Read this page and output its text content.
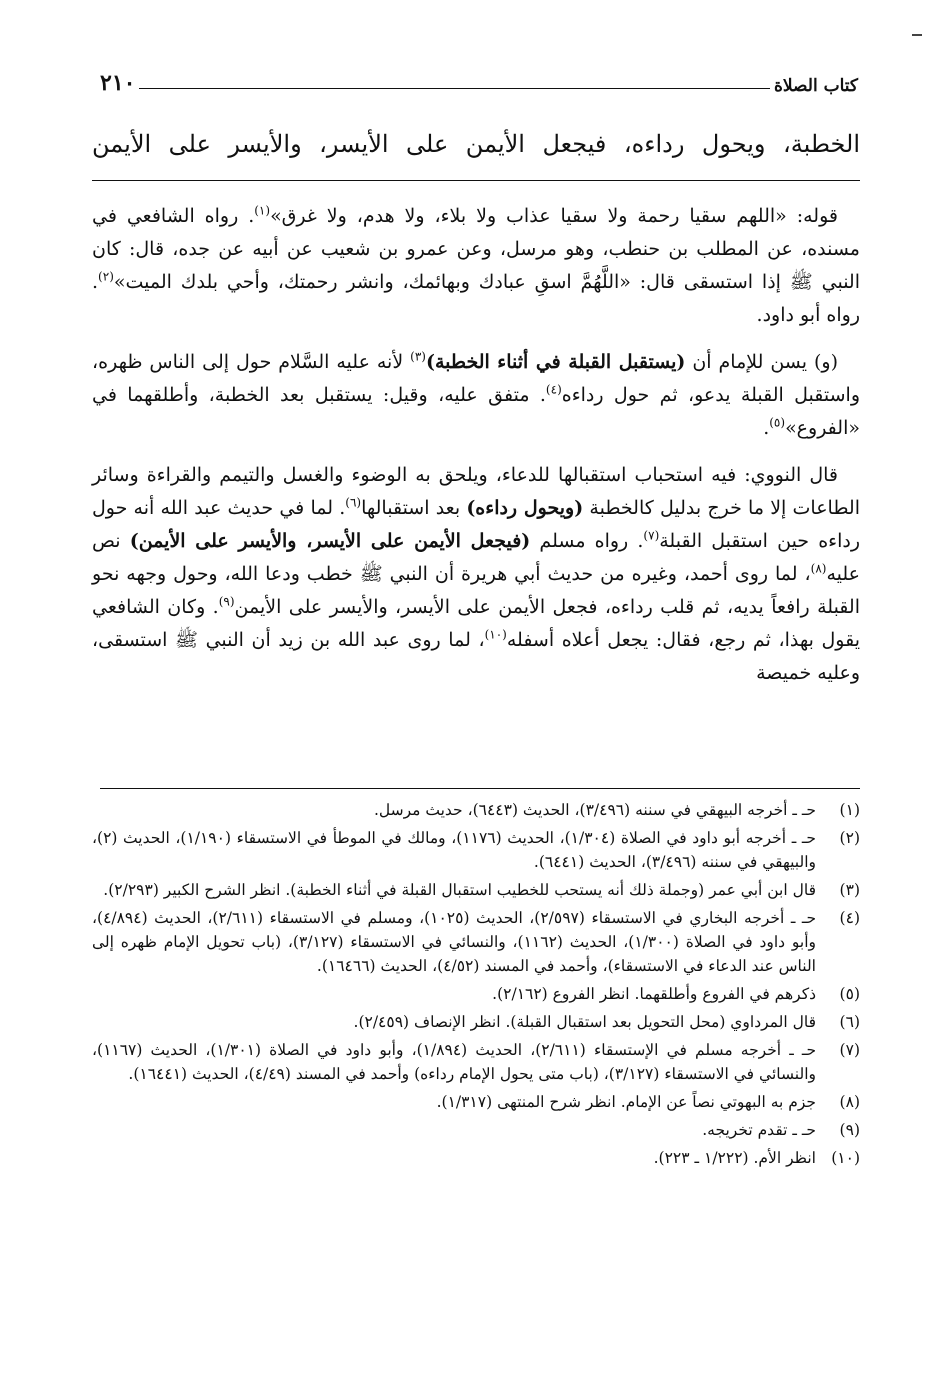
كتاب الصلاة
٢١٠
الخطبة، ويحول رداءه، فيجعل الأيمن على الأيسر، والأيسر على الأيمن

قوله: «اللهم سقيا رحمة ولا سقيا عذاب ولا بلاء، ولا هدم، ولا غرق»$^{(١)}$. رواه الشافعي في مسنده، عن المطلب بن حنطب، وهو مرسل، وعن عمرو بن شعيب عن أبيه عن جده، قال: كان النبي ﷺ إذا استسقى قال: «اللَّهُمَّ اسقِ عبادك وبهائمك، وانشر رحمتك، وأحي بلدك الميت»$^{(٢)}$. رواه أبو داود.

(و) يسن للإمام أن (يستقبل القبلة في أثناء الخطبة)$^{(٣)}$ لأنه عليه السَّلام حول إلى الناس ظهره، واستقبل القبلة يدعو، ثم حول رداءه$^{(٤)}$. متفق عليه، وقيل: يستقبل بعد الخطبة، وأطلقهما في «الفروع»$^{(٥)}$.

قال النووي: فيه استحباب استقبالها للدعاء، ويلحق به الوضوء والغسل والتيمم والقراءة وسائر الطاعات إلا ما خرج بدليل كالخطبة (ويحول رداءه) بعد استقبالها$^{(٦)}$. لما في حديث عبد الله أنه حول رداءه حين استقبل القبلة$^{(٧)}$. رواه مسلم (فيجعل الأيمن على الأيسر، والأيسر على الأيمن) نص عليه$^{(٨)}$، لما روى أحمد، وغيره من حديث أبي هريرة أن النبي ﷺ خطب ودعا الله، وحول وجهه نحو القبلة رافعاً يديه، ثم قلب رداءه، فجعل الأيمن على الأيسر، والأيسر على الأيمن$^{(٩)}$. وكان الشافعي يقول بهذا، ثم رجع، فقال: يجعل أعلاه أسفله$^{(١٠)}$، لما روى عبد الله بن زيد أن النبي ﷺ استسقى، وعليه خميصة

(١)
حـ ـ أخرجه البيهقي في سننه (٣/٤٩٦)، الحديث (٦٤٤٣)، حديث مرسل.
(٢)
حـ ـ أخرجه أبو داود في الصلاة (١/٣٠٤)، الحديث (١١٧٦)، ومالك في الموطأ في الاستسقاء (١/١٩٠)، الحديث (٢)، والبيهقي في سننه (٣/٤٩٦)، الحديث (٦٤٤١).
(٣)
قال ابن أبي عمر (وجملة ذلك أنه يستحب للخطيب استقبال القبلة في أثناء الخطبة). انظر الشرح الكبير (٢/٢٩٣).
(٤)
حـ ـ أخرجه البخاري في الاستسقاء (٢/٥٩٧)، الحديث (١٠٢٥)، ومسلم في الاستسقاء (٢/٦١١)، الحديث (٤/٨٩٤)، وأبو داود في الصلاة (١/٣٠٠)، الحديث (١١٦٢)، والنسائي في الاستسقاء (٣/١٢٧)، (باب تحويل الإمام ظهره إلى الناس عند الدعاء في الاستسقاء)، وأحمد في المسند (٤/٥٢)، الحديث (١٦٤٦٦).
(٥)
ذكرهم في الفروع وأطلقهما. انظر الفروع (٢/١٦٢).
(٦)
قال المرداوي (محل التحويل بعد استقبال القبلة). انظر الإنصاف (٢/٤٥٩).
(٧)
حـ ـ أخرجه مسلم في الإستسقاء (٢/٦١١)، الحديث (١/٨٩٤)، وأبو داود في الصلاة (١/٣٠١)، الحديث (١١٦٧)، والنسائي في الاستسقاء (٣/١٢٧)، (باب متى يحول الإمام رداءه) وأحمد في المسند (٤/٤٩)، الحديث (١٦٤٤١).
(٨)
جزم به البهوتي نصاً عن الإمام. انظر شرح المنتهى (١/٣١٧).
(٩)
حـ ـ تقدم تخريجه.
(١٠)
انظر الأم. (١/٢٢٢ ـ ٢٢٣).
